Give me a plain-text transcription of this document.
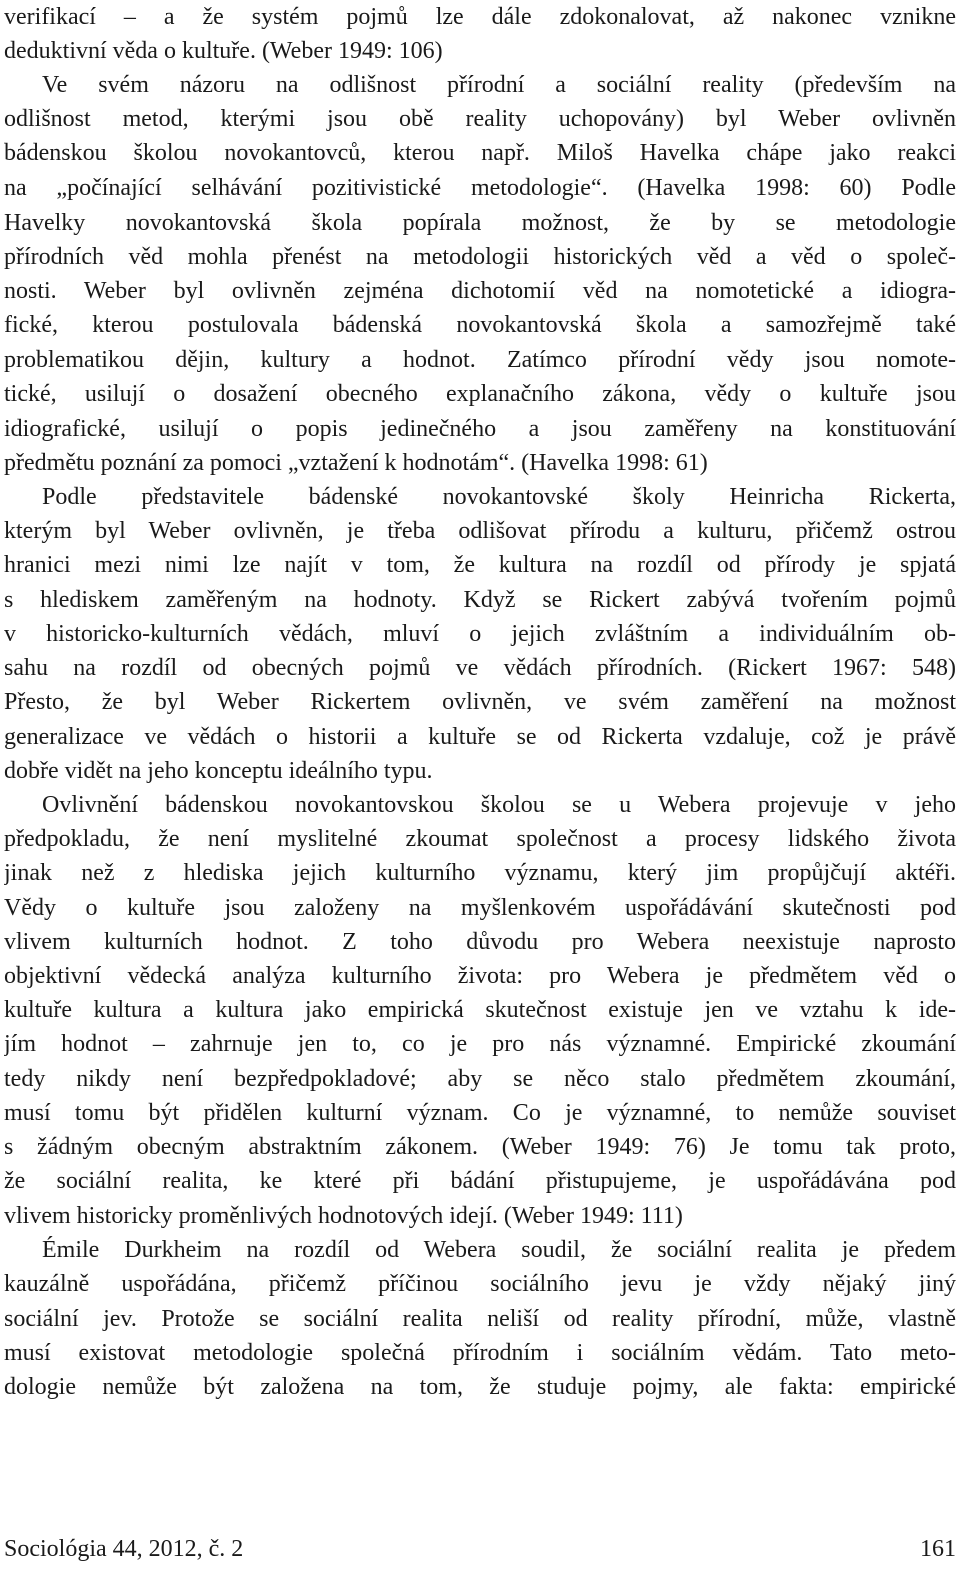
verifikací – a že systém pojmů lze dále zdokonalovat, až nakonec vznikne
deduktivní věda o kultuře. (Weber 1949: 106)
Ve svém názoru na odlišnost přírodní a sociální reality (především na
odlišnost metod, kterými jsou obě reality uchopovány) byl Weber ovlivněn
bádenskou školou novokantovců, kterou např. Miloš Havelka chápe jako reakci
na „počínající selhávání pozitivistické metodologie“. (Havelka 1998: 60) Podle
Havelky novokantovská škola popírala možnost, že by se metodologie
přírodních věd mohla přenést na metodologii historických věd a věd o společ-
nosti. Weber byl ovlivněn zejména dichotomií věd na nomotetické a idiogra-
fické, kterou postulovala bádenská novokantovská škola a samozřejmě také
problematikou dějin, kultury a hodnot. Zatímco přírodní vědy jsou nomote-
tické, usilují o dosažení obecného explanačního zákona, vědy o kultuře jsou
idiografické, usilují o popis jedinečného a jsou zaměřeny na konstituování
předmětu poznání za pomoci „vztažení k hodnotám“. (Havelka 1998: 61)
Podle představitele bádenské novokantovské školy Heinricha Rickerta,
kterým byl Weber ovlivněn, je třeba odlišovat přírodu a kulturu, přičemž ostrou
hranici mezi nimi lze najít v tom, že kultura na rozdíl od přírody je spjatá
s hlediskem zaměřeným na hodnoty. Když se Rickert zabývá tvořením pojmů
v historicko-kulturních vědách, mluví o jejich zvláštním a individuálním ob-
sahu na rozdíl od obecných pojmů ve vědách přírodních. (Rickert 1967: 548)
Přesto, že byl Weber Rickertem ovlivněn, ve svém zaměření na možnost
generalizace ve vědách o historii a kultuře se od Rickerta vzdaluje, což je právě
dobře vidět na jeho konceptu ideálního typu.
Ovlivnění bádenskou novokantovskou školou se u Webera projevuje v jeho
předpokladu, že není myslitelné zkoumat společnost a procesy lidského života
jinak než z hlediska jejich kulturního významu, který jim propůjčují aktéři.
Vědy o kultuře jsou založeny na myšlenkovém uspořádávání skutečnosti pod
vlivem kulturních hodnot. Z toho důvodu pro Webera neexistuje naprosto
objektivní vědecká analýza kulturního života: pro Webera je předmětem věd o
kultuře kultura a kultura jako empirická skutečnost existuje jen ve vztahu k ide-
jím hodnot – zahrnuje jen to, co je pro nás významné. Empirické zkoumání
tedy nikdy není bezpředpokladové; aby se něco stalo předmětem zkoumání,
musí tomu být přidělen kulturní význam. Co je významné, to nemůže souviset
s žádným obecným abstraktním zákonem. (Weber 1949: 76) Je tomu tak proto,
že sociální realita, ke které při bádání přistupujeme, je uspořádávána pod
vlivem historicky proměnlivých hodnotových idejí. (Weber 1949: 111)
Émile Durkheim na rozdíl od Webera soudil, že sociální realita je předem
kauzálně uspořádána, přičemž příčinou sociálního jevu je vždy nějaký jiný
sociální jev. Protože se sociální realita neliší od reality přírodní, může, vlastně
musí existovat metodologie společná přírodním i sociálním vědám. Tato meto-
dologie nemůže být založena na tom, že studuje pojmy, ale fakta: empirické
Sociológia 44, 2012, č. 2	161
